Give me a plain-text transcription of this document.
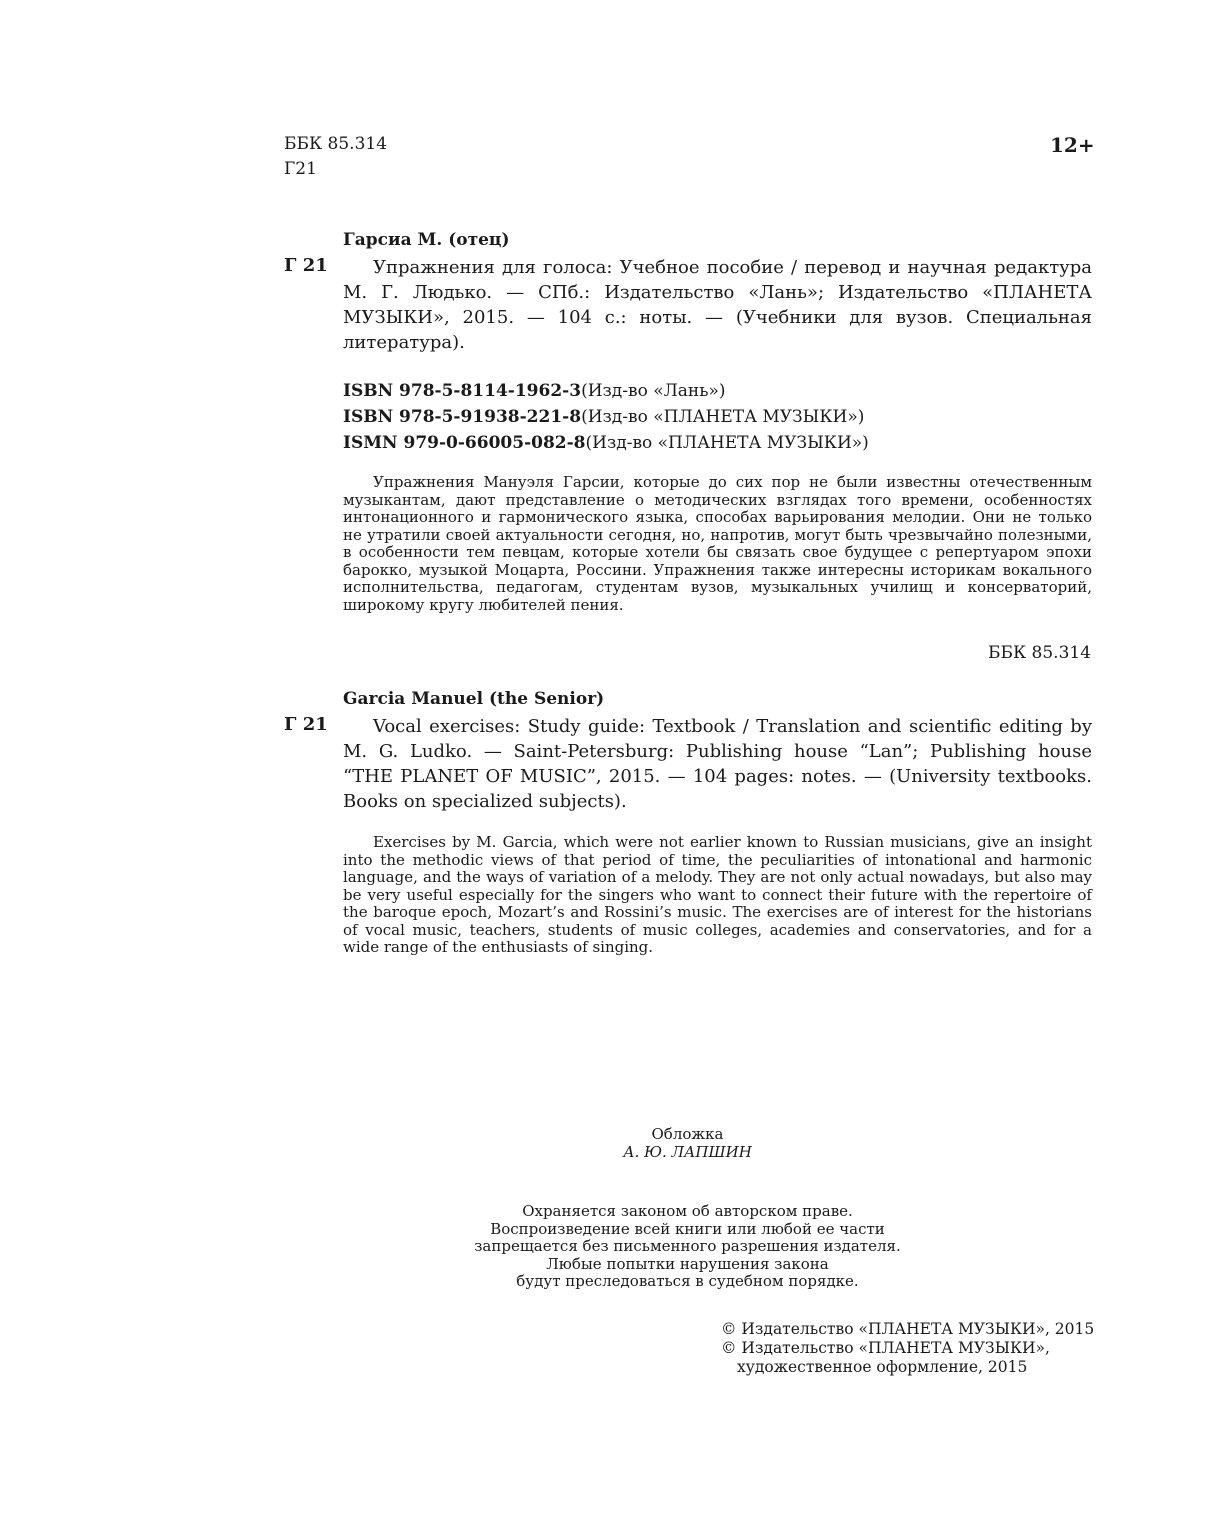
ББК 85.314
Г21
12+
Гарсиа М. (отец)
Г 21	Упражнения для голоса: Учебное пособие / перевод и научная редактура М. Г. Людько. — СПб.: Издательство «Лань»; Издательство «ПЛАНЕТА МУЗЫКИ», 2015. — 104 с.: ноты. — (Учебники для вузов. Специальная литература).

ISBN 978-5-8114-1962-3(Изд-во «Лань»)
ISBN 978-5-91938-221-8(Изд-во «ПЛАНЕТА МУЗЫКИ»)
ISMN 979-0-66005-082-8(Изд-во «ПЛАНЕТА МУЗЫКИ»)

Упражнения Мануэля Гарсии, которые до сих пор не были известны отечественным музыкантам, дают представление о методических взглядах того времени, особенностях интонационного и гармонического языка, способах варьирования мелодии. Они не только не утратили своей актуальности сегодня, но, напротив, могут быть чрезвычайно полезными, в особенности тем певцам, которые хотели бы связать свое будущее с репертуаром эпохи барокко, музыкой Моцарта, Россини. Упражнения также интересны историкам вокального исполнительства, педагогам, студентам вузов, музыкальных училищ и консерваторий, широкому кругу любителей пения.

ББК 85.314
Garcia Manuel (the Senior)
Г 21	Vocal exercises: Study guide: Textbook / Translation and scientific editing by M. G. Ludko. — Saint-Petersburg: Publishing house “Lan”; Publishing house “THE PLANET OF MUSIC”, 2015. — 104 pages: notes. — (University textbooks. Books on specialized subjects).

Exercises by M. Garcia, which were not earlier known to Russian musicians, give an insight into the methodic views of that period of time, the peculiarities of intonational and harmonic language, and the ways of variation of a melody. They are not only actual nowadays, but also may be very useful especially for the singers who want to connect their future with the repertoire of the baroque epoch, Mozart’s and Rossini’s music. The exercises are of interest for the historians of vocal music, teachers, students of music colleges, academies and conservatories, and for a wide range of the enthusiasts of singing.

Обложка
А. Ю. ЛАПШИН
Охраняется законом об авторском праве.
Воспроизведение всей книги или любой ее части
запрещается без письменного разрешения издателя.
Любые попытки нарушения закона
будут преследоваться в судебном порядке.
© Издательство «ПЛАНЕТА МУЗЫКИ», 2015
© Издательство «ПЛАНЕТА МУЗЫКИ»,
художественное оформление, 2015
